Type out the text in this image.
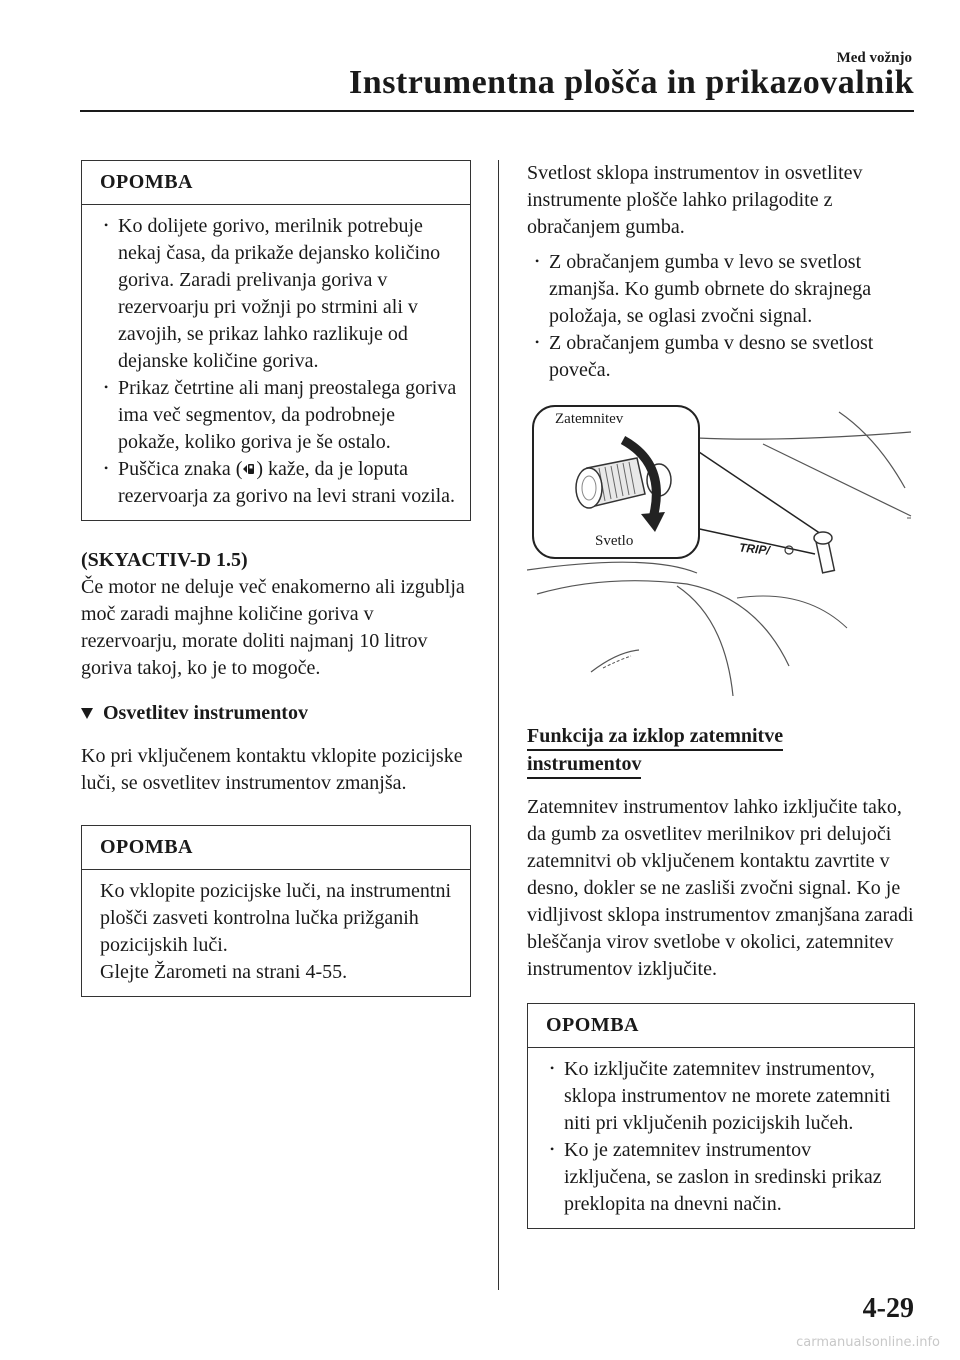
Med vožnjo
Instrumentna plošča in prikazovalnik
OPOMBA
• Ko dolijete gorivo, merilnik potrebuje nekaj časa, da prikaže dejansko količino goriva. Zaradi prelivanja goriva v rezervoarju pri vožnji po strmini ali v zavojih, se prikaz lahko razlikuje od dejanske količine goriva.
• Prikaz četrtine ali manj preostalega goriva ima več segmentov, da podrobneje pokaže, koliko goriva je še ostalo.
• Puščica znaka ( ) kaže, da je loputa rezervoarja za gorivo na levi strani vozila.

(SKYACTIV-D 1.5)

Če motor ne deluje več enakomerno ali izgublja moč zaradi majhne količine goriva v rezervoarju, morate doliti najmanj 10 litrov goriva takoj, ko je to mogoče.

Osvetlitev instrumentov

Ko pri vključenem kontaktu vklopite pozicijske luči, se osvetlitev instrumentov zmanjša.

OPOMBA

Ko vklopite pozicijske luči, na instrumentni plošči zasveti kontrolna lučka prižganih pozicijskih luči.
Glejte Žarometi na strani 4-55.

Svetlost sklopa instrumentov in osvetlitev instrumente plošče lahko prilagodite z obračanjem gumba.

• Z obračanjem gumba v levo se svetlost zmanjša. Ko gumb obrnete do skrajnega položaja, se oglasi zvočni signal.
• Z obračanjem gumba v desno se svetlost poveča.
Zatemnitev
Svetlo	TRIP/
Funkcija za izklop zatemnitve
instrumentov

Zatemnitev instrumentov lahko izključite tako, da gumb za osvetlitev merilnikov pri delujoči zatemnitvi ob vključenem kontaktu zavrtite v desno, dokler se ne zasliši zvočni signal. Ko je vidljivost sklopa instrumentov zmanjšana zaradi bleščanja virov svetlobe v okolici, zatemnitev instrumentov izključite.

OPOMBA
• Ko izključite zatemnitev instrumentov, sklopa instrumentov ne morete zatemniti niti pri vključenih pozicijskih lučeh.
• Ko je zatemnitev instrumentov izključena, se zaslon in sredinski prikaz preklopita na dnevni način.
4-29
carmanualsonline.info
